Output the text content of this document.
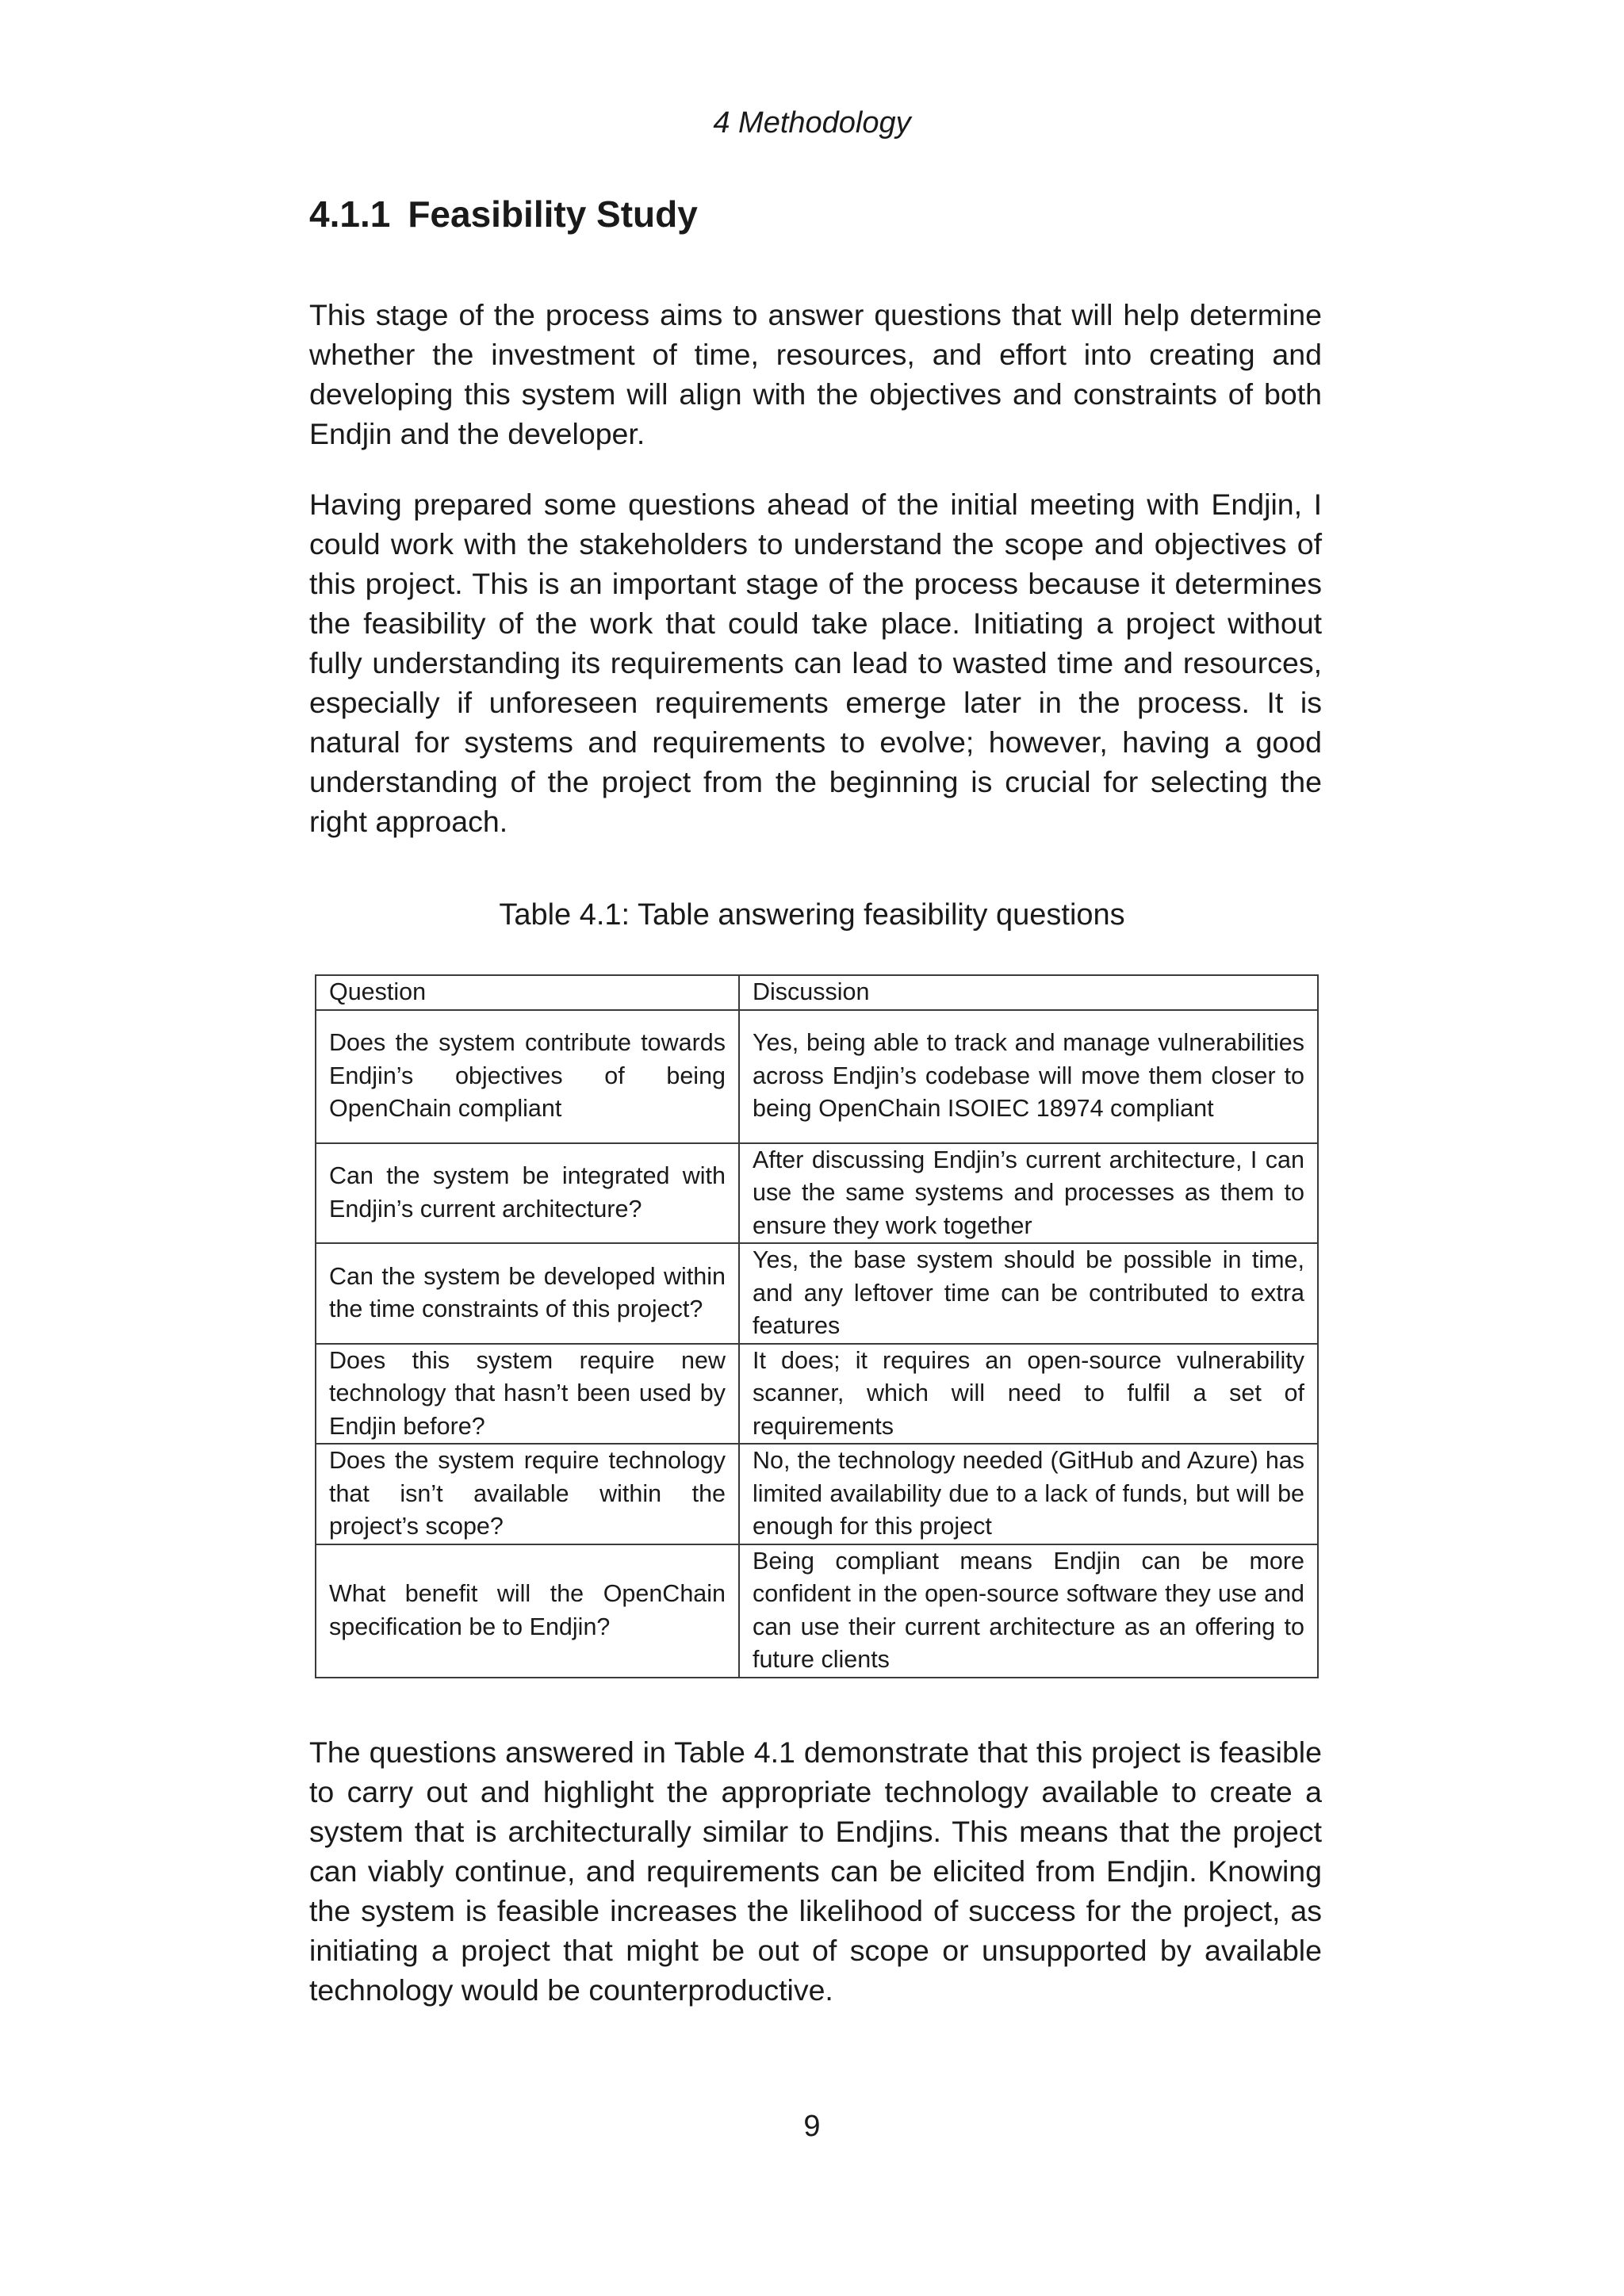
4 Methodology
4.1.1 Feasibility Study

This stage of the process aims to answer questions that will help determine whether the investment of time, resources, and effort into creating and developing this system will align with the objectives and constraints of both Endjin and the developer.

Having prepared some questions ahead of the initial meeting with Endjin, I could work with the stakeholders to understand the scope and objectives of this project. This is an important stage of the process because it determines the feasibility of the work that could take place. Initiating a project without fully understanding its requirements can lead to wasted time and resources, especially if unforeseen requirements emerge later in the process. It is natural for systems and requirements to evolve; however, having a good understanding of the project from the beginning is crucial for selecting the right approach.

Table 4.1: Table answering feasibility questions
Question	Discussion
Does the system contribute towards Endjin’s objectives of being OpenChain compliant	Yes, being able to track and manage vulnerabilities across Endjin’s codebase will move them closer to being OpenChain ISOIEC 18974 compliant
Can the system be integrated with Endjin’s current architecture?	After discussing Endjin’s current architecture, I can use the same systems and processes as them to ensure they work together
Can the system be developed within the time constraints of this project?	Yes, the base system should be possible in time, and any leftover time can be contributed to extra features
Does this system require new technology that hasn’t been used by Endjin before?	It does; it requires an open-source vulnerability scanner, which will need to fulfil a set of requirements
Does the system require technology that isn’t available within the project’s scope?	No, the technology needed (GitHub and Azure) has limited availability due to a lack of funds, but will be enough for this project
What benefit will the OpenChain specification be to Endjin?	Being compliant means Endjin can be more confident in the open-source software they use and can use their current architecture as an offering to future clients

The questions answered in Table 4.1 demonstrate that this project is feasible to carry out and highlight the appropriate technology available to create a system that is architecturally similar to Endjins. This means that the project can viably continue, and requirements can be elicited from Endjin. Knowing the system is feasible increases the likelihood of success for the project, as initiating a project that might be out of scope or unsupported by available technology would be counterproductive.

9
